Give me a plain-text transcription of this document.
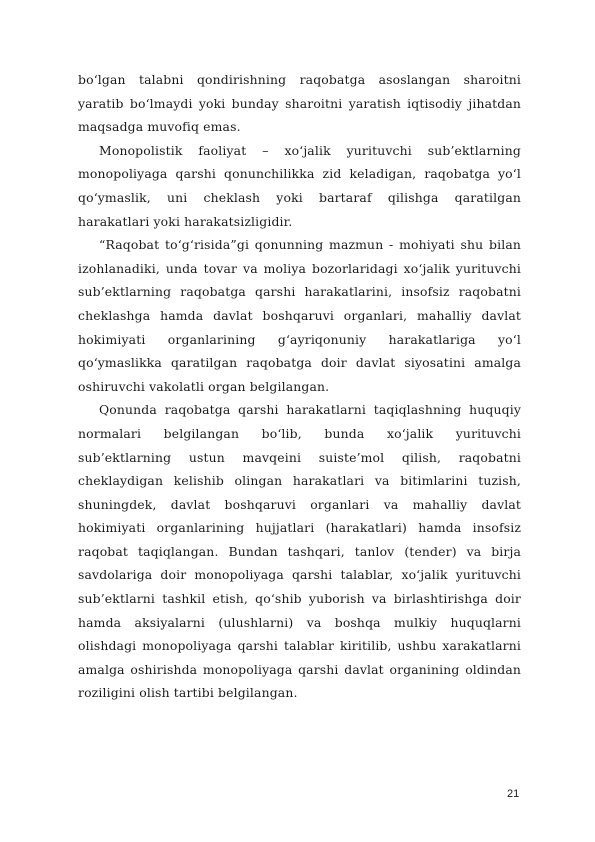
bo‘lgan talabni qondirishning raqobatga asoslangan sharoitni yaratib bo‘lmaydi yoki bunday sharoitni yaratish iqtisodiy jihatdan maqsadga muvofiq emas.

Monopolistik faoliyat – xo‘jalik yurituvchi sub’ektlarning monopoliyaga qarshi qonunchilikka zid keladigan, raqobatga yo‘l qo‘ymaslik, uni cheklash yoki bartaraf qilishga qaratilgan harakatlari yoki harakatsizligidir.

“Raqobat to‘g‘risida”gi qonunning mazmun - mohiyati shu bilan izohlanadiki, unda tovar va moliya bozorlaridagi xo‘jalik yurituvchi sub’ektlarning raqobatga qarshi harakatlarini, insofsiz raqobatni cheklashga hamda davlat boshqaruvi organlari, mahalliy davlat hokimiyati organlarining g‘ayriqonuniy harakatlariga yo‘l qo‘ymaslikka qaratilgan raqobatga doir davlat siyosatini amalga oshiruvchi vakolatli organ belgilangan.

Qonunda raqobatga qarshi harakatlarni taqiqlashning huquqiy normalari belgilangan bo‘lib, bunda xo‘jalik yurituvchi sub’ektlarning ustun mavqeini suiste’mol qilish, raqobatni cheklaydigan kelishib olingan harakatlari va bitimlarini tuzish, shuningdek, davlat boshqaruvi organlari va mahalliy davlat hokimiyati organlarining hujjatlari (harakatlari) hamda insofsiz raqobat taqiqlangan. Bundan tashqari, tanlov (tender) va birja savdolariga doir monopoliyaga qarshi talablar, xo‘jalik yurituvchi sub’ektlarni tashkil etish, qo‘shib yuborish va birlashtirishga doir hamda aksiyalarni (ulushlarni) va boshqa mulkiy huquqlarni olishdagi monopoliyaga qarshi talablar kiritilib, ushbu xarakatlarni amalga oshirishda monopoliyaga qarshi davlat organining oldindan roziligini olish tartibi belgilangan.

21
